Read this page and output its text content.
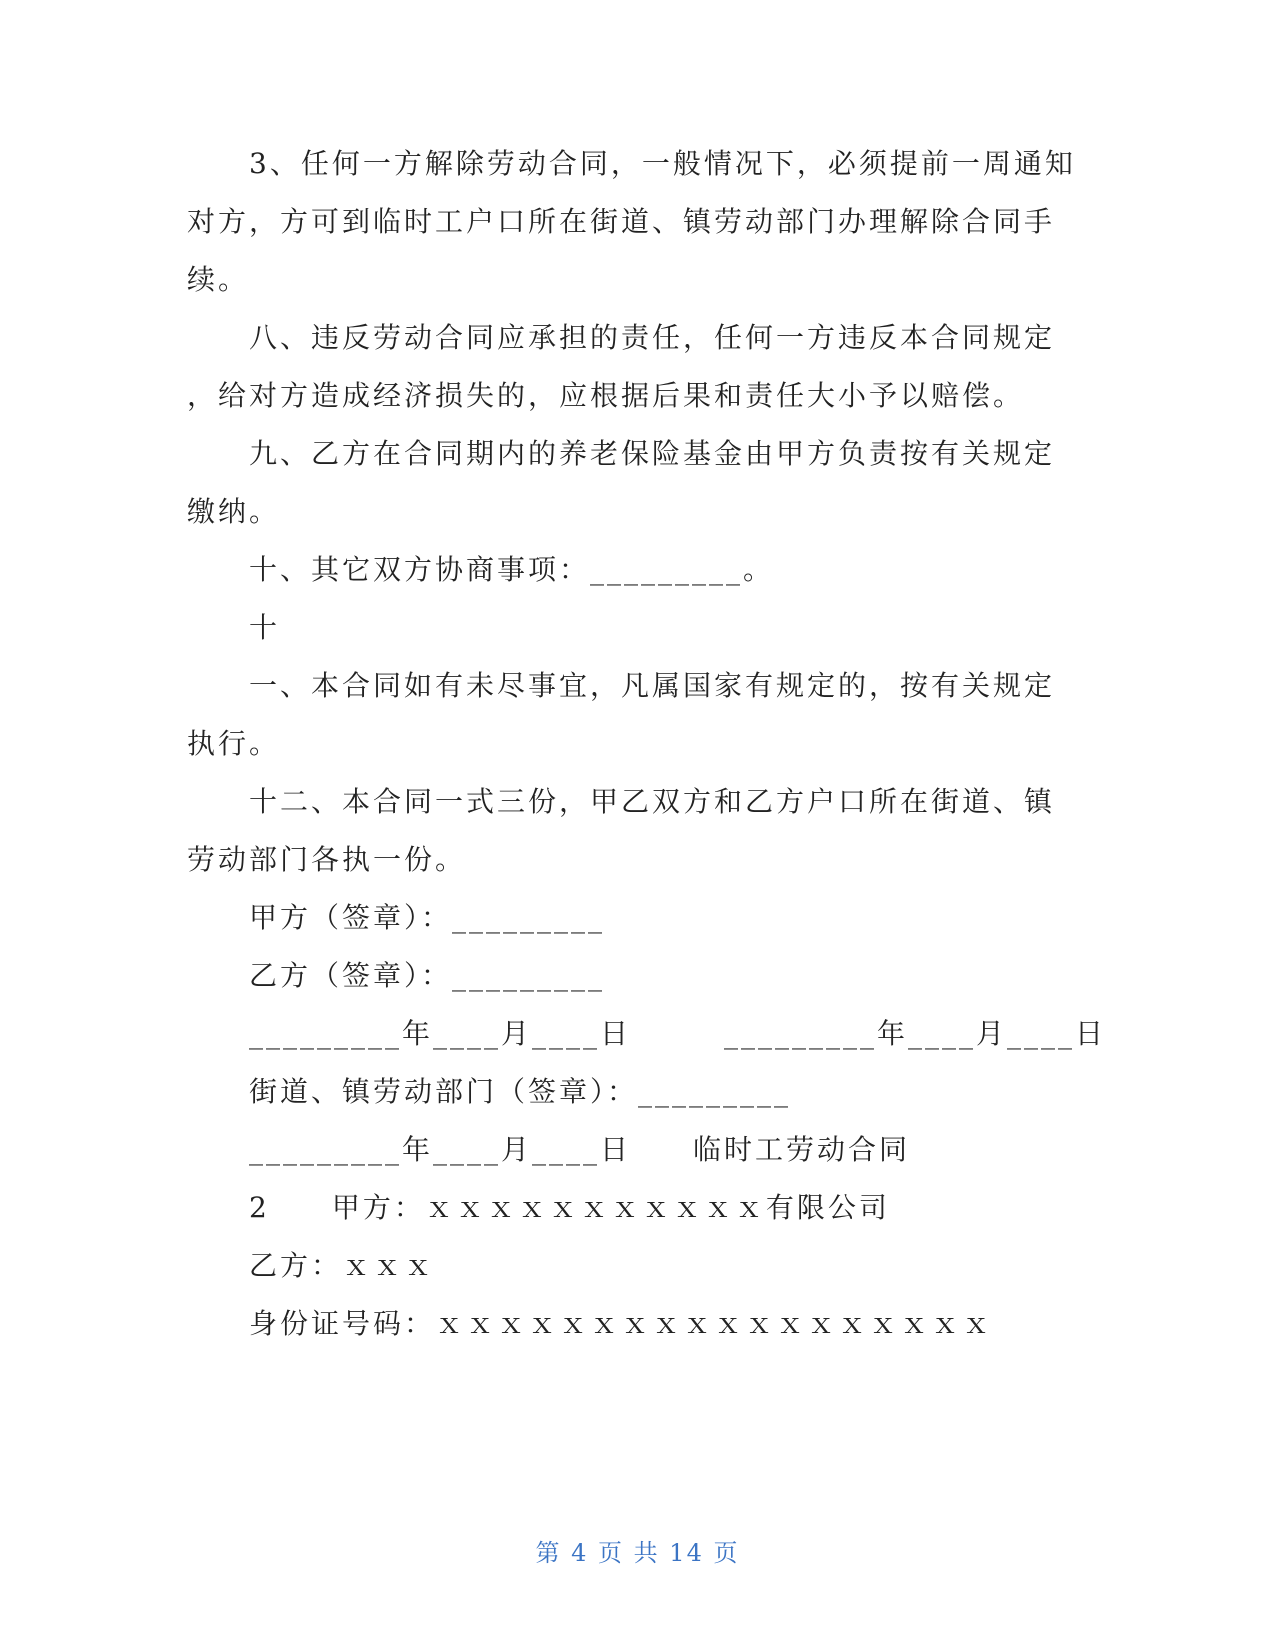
3、任何一方解除劳动合同，一般情况下，必须提前一周通知
对方，方可到临时工户口所在街道、镇劳动部门办理解除合同手
续。
八、违反劳动合同应承担的责任，任何一方违反本合同规定
，给对方造成经济损失的，应根据后果和责任大小予以赔偿。
九、乙方在合同期内的养老保险基金由甲方负责按有关规定
缴纳。
十、其它双方协商事项：_________。
十
一、本合同如有未尽事宜，凡属国家有规定的，按有关规定
执行。
十二、本合同一式三份，甲乙双方和乙方户口所在街道、镇
劳动部门各执一份。
甲方（签章）：_________
乙方（签章）：_________
_________年____月____日　　　_________年____月____日
街道、镇劳动部门（签章）：_________
_________年____月____日　　临时工劳动合同
2　　甲方：ｘｘｘｘｘｘｘｘｘｘｘ有限公司
乙方：ｘｘｘ
身份证号码：ｘｘｘｘｘｘｘｘｘｘｘｘｘｘｘｘｘｘ
第 4 页 共 14 页
